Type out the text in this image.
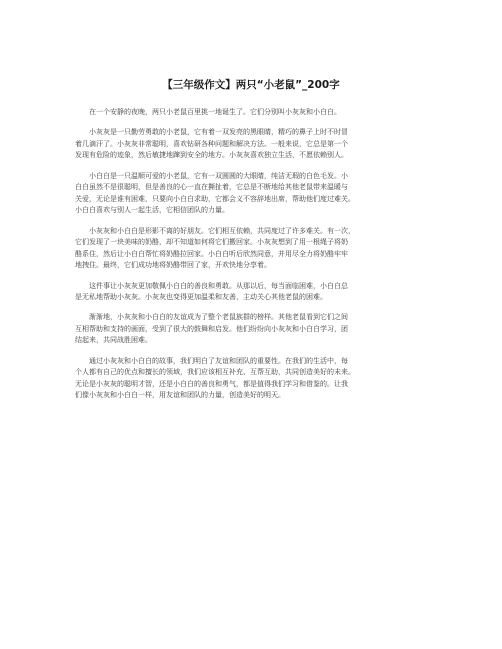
【三年级作文】两只“小老鼠”_200字

在一个安静的夜晚，两只小老鼠百里挑一地诞生了。它们分别叫小灰灰和小白白。

小灰灰是一只勤劳勇敢的小老鼠，它有着一双发亮的黑眼睛，精巧的鼻子上时不时冒
着几滴汗了。小灰灰非常聪明，喜欢钻研各种问题和解决方法。一般来说，它总是第一个
发现有危险的迹象，然后敏捷地蹿到安全的地方。小灰灰喜欢独立生活，不愿依赖别人。

小白白是一只温顺可爱的小老鼠，它有一双圆圆的大眼睛，纯洁无瑕的白色毛发。小
白白虽然不是很聪明，但是善良的心一直在撕扯着，它总是不断地给其他老鼠带来温暖与
关爱，无论是谁有困难，只要向小白白求助，它都会义不容辞地出席，帮助他们度过难关。
小白白喜欢与别人一起生活，它相信团队的力量。

小灰灰和小白白是形影不离的好朋友。它们相互依赖，共同度过了许多难关。有一次，
它们发现了一块美味的奶酪，却不知道如何将它们搬回家。小灰灰想到了用一根绳子将奶
酪系住，然后让小白白帮忙将奶酪拉回家。小白白听后欣然同意，并用尽全力将奶酪牢牢
地拽住。最终，它们成功地将奶酪带回了家，开欢快地分享着。

这件事让小灰灰更加敬佩小白白的善良和勇敢。从那以后，每当面临困难，小白白总
是无私地帮助小灰灰。小灰灰也变得更加温柔和友善，主动关心其他老鼠的困难。

渐渐地，小灰灰和小白白的友谊成为了整个老鼠族群的榜样。其他老鼠看到它们之间
互相帮助和支持的画面，受到了很大的鼓舞和启发。他们纷纷向小灰灰和小白白学习，团
结起来，共同战胜困难。

通过小灰灰和小白白的故事，我们明白了友谊和团队的重要性。在我们的生活中，每
个人都有自己的优点和擅长的领域，我们应该相互补充、互帮互助，共同创造美好的未来。
无论是小灰灰的聪明才智，还是小白白的善良和勇气，都是值得我们学习和借鉴的。让我
们像小灰灰和小白白一样，用友谊和团队的力量，创造美好的明天。
